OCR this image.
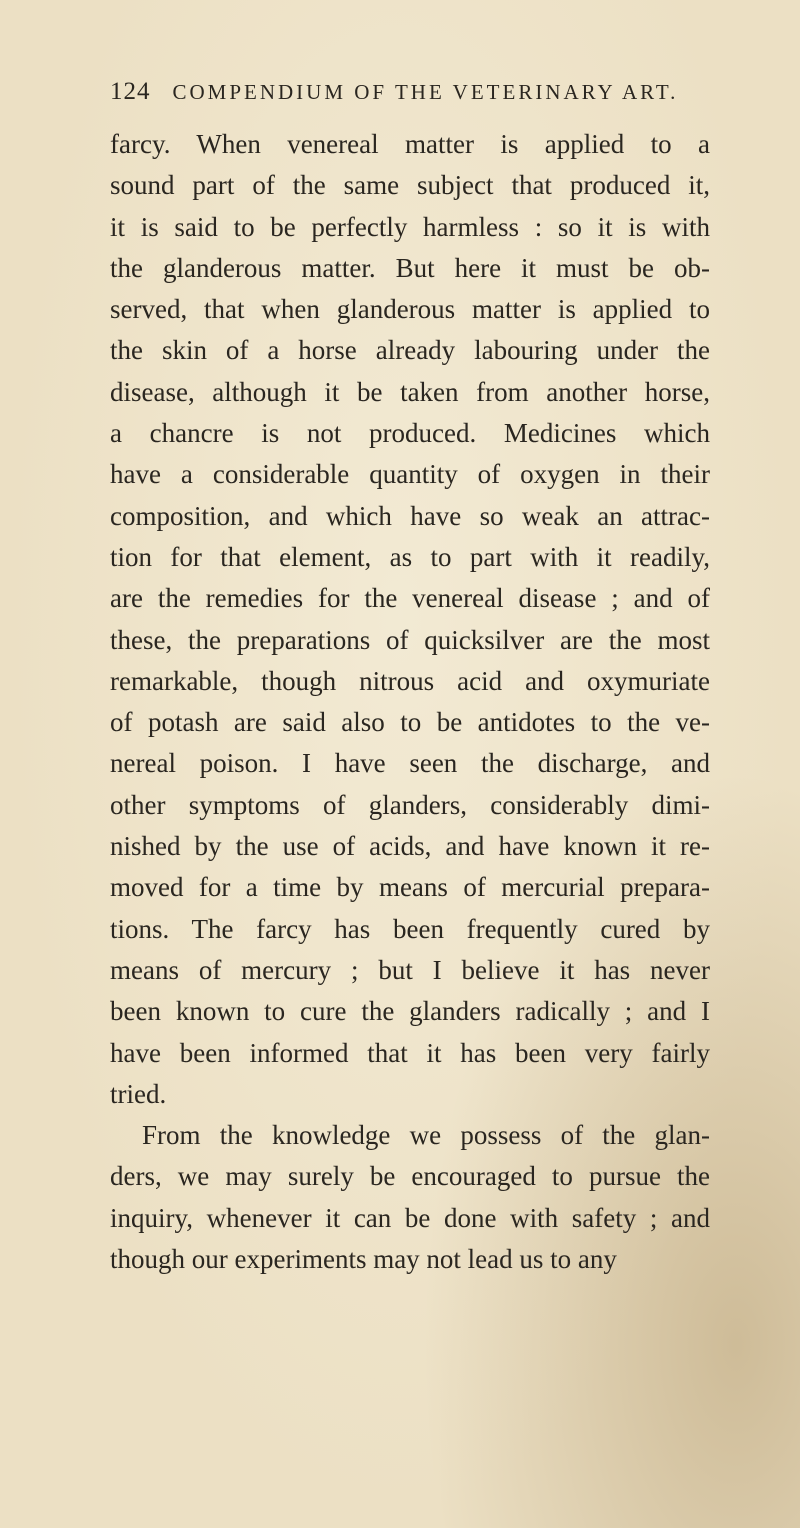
124 COMPENDIUM OF THE VETERINARY ART.
farcy. When venereal matter is applied to a
sound part of the same subject that produced it,
it is said to be perfectly harmless : so it is with
the glanderous matter. But here it must be ob-
served, that when glanderous matter is applied to
the skin of a horse already labouring under the
disease, although it be taken from another horse,
a chancre is not produced. Medicines which
have a considerable quantity of oxygen in their
composition, and which have so weak an attrac-
tion for that element, as to part with it readily,
are the remedies for the venereal disease ; and of
these, the preparations of quicksilver are the most
remarkable, though nitrous acid and oxymuriate
of potash are said also to be antidotes to the ve-
nereal poison. I have seen the discharge, and
other symptoms of glanders, considerably dimi-
nished by the use of acids, and have known it re-
moved for a time by means of mercurial prepara-
tions. The farcy has been frequently cured by
means of mercury ; but I believe it has never
been known to cure the glanders radically ; and I
have been informed that it has been very fairly
tried.
From the knowledge we possess of the glan-
ders, we may surely be encouraged to pursue the
inquiry, whenever it can be done with safety ; and
though our experiments may not lead us to any
